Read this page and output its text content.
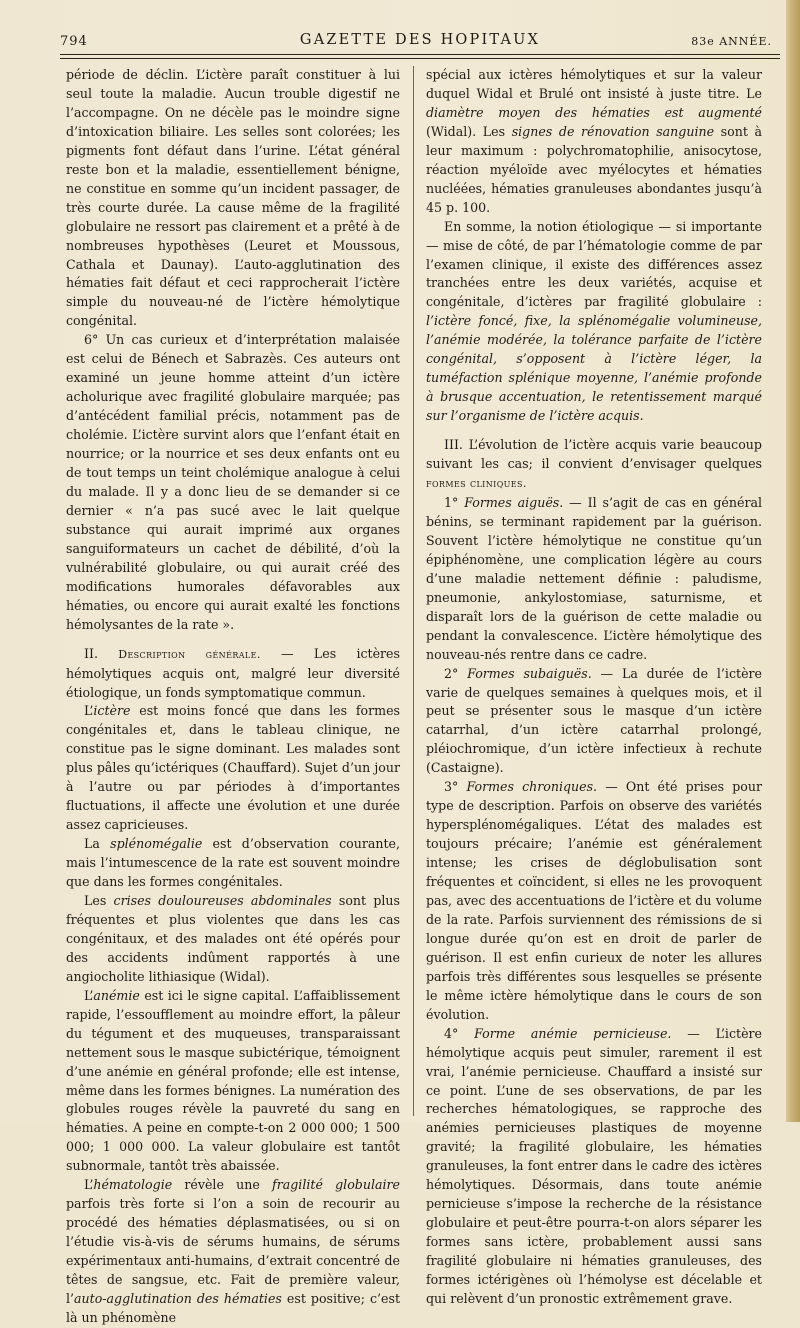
794	GAZETTE DES HOPITAUX	83e ANNÉE.

période de déclin. L’ictère paraît constituer à lui seul toute la maladie. Aucun trouble digestif ne l’accompagne. On ne décèle pas le moindre signe d’intoxication biliaire. Les selles sont colorées; les pigments font défaut dans l’urine. L’état général reste bon et la maladie, essentiellement bénigne, ne constitue en somme qu’un incident passager, de très courte durée. La cause même de la fragilité globulaire ne ressort pas clairement et a prêté à de nombreuses hypothèses (Leuret et Moussous, Cathala et Daunay). L’auto-agglutination des hématies fait défaut et ceci rapprocherait l’ictère simple du nouveau-né de l’ictère hémolytique congénital.

6° Un cas curieux et d’interprétation malaisée est celui de Bénech et Sabrazès. Ces auteurs ont examiné un jeune homme atteint d’un ictère acholurique avec fragilité globulaire marquée; pas d’antécédent familial précis, notamment pas de cholémie. L’ictère survint alors que l’enfant était en nourrice; or la nourrice et ses deux enfants ont eu de tout temps un teint cholémique analogue à celui du malade. Il y a donc lieu de se demander si ce dernier « n’a pas sucé avec le lait quelque substance qui aurait imprimé aux organes sanguiformateurs un cachet de débilité, d’où la vulnérabilité globulaire, ou qui aurait créé des modifications humorales défavorables aux hématies, ou encore qui aurait exalté les fonctions hémolysantes de la rate ».

II. Description générale. — Les ictères hémolytiques acquis ont, malgré leur diversité étiologique, un fonds symptomatique commun.

L’ictère est moins foncé que dans les formes congénitales et, dans le tableau clinique, ne constitue pas le signe dominant. Les malades sont plus pâles qu’ictériques (Chauffard). Sujet d’un jour à l’autre ou par périodes à d’importantes fluctuations, il affecte une évolution et une durée assez capricieuses.

La splénomégalie est d’observation courante, mais l’intumescence de la rate est souvent moindre que dans les formes congénitales.

Les crises douloureuses abdominales sont plus fréquentes et plus violentes que dans les cas congénitaux, et des malades ont été opérés pour des accidents indûment rapportés à une angiocholite lithiasique (Widal).

L’anémie est ici le signe capital. L’affaiblissement rapide, l’essoufflement au moindre effort, la pâleur du tégument et des muqueuses, transparaissant nettement sous le masque subictérique, témoignent d’une anémie en général profonde; elle est intense, même dans les formes bénignes. La numération des globules rouges révèle la pauvreté du sang en hématies. A peine en compte-t-on 2 000 000; 1 500 000; 1 000 000. La valeur globulaire est tantôt subnormale, tantôt très abaissée.

L’hématologie révèle une fragilité globulaire parfois très forte si l’on a soin de recourir au procédé des hématies déplasmatisées, ou si on l’étudie vis-à-vis de sérums humains, de sérums expérimentaux anti-humains, d’extrait concentré de têtes de sangsue, etc. Fait de première valeur, l’auto-agglutination des hématies est positive; c’est là un phénomène

spécial aux ictères hémolytiques et sur la valeur duquel Widal et Brulé ont insisté à juste titre. Le diamètre moyen des hématies est augmenté (Widal). Les signes de rénovation sanguine sont à leur maximum : polychromatophilie, anisocytose, réaction myéloïde avec myélocytes et hématies nucléées, hématies granuleuses abondantes jusqu’à 45 p. 100.

En somme, la notion étiologique — si importante — mise de côté, de par l’hématologie comme de par l’examen clinique, il existe des différences assez tranchées entre les deux variétés, acquise et congénitale, d’ictères par fragilité globulaire : l’ictère foncé, fixe, la splénomégalie volumineuse, l’anémie modérée, la tolérance parfaite de l’ictère congénital, s’opposent à l’ictère léger, la tuméfaction splénique moyenne, l’anémie profonde à brusque accentuation, le retentissement marqué sur l’organisme de l’ictère acquis.

III. L’évolution de l’ictère acquis varie beaucoup suivant les cas; il convient d’envisager quelques formes cliniques.

1° Formes aiguës. — Il s’agit de cas en général bénins, se terminant rapidement par la guérison. Souvent l’ictère hémolytique ne constitue qu’un épiphénomène, une complication légère au cours d’une maladie nettement définie : paludisme, pneumonie, ankylostomiase, saturnisme, et disparaît lors de la guérison de cette maladie ou pendant la convalescence. L’ictère hémolytique des nouveau-nés rentre dans ce cadre.

2° Formes subaiguës. — La durée de l’ictère varie de quelques semaines à quelques mois, et il peut se présenter sous le masque d’un ictère catarrhal, d’un ictère catarrhal prolongé, pléiochromique, d’un ictère infectieux à rechute (Castaigne).

3° Formes chroniques. — Ont été prises pour type de description. Parfois on observe des variétés hypersplénomégaliques. L’état des malades est toujours précaire; l’anémie est généralement intense; les crises de déglobulisation sont fréquentes et coïncident, si elles ne les provoquent pas, avec des accentuations de l’ictère et du volume de la rate. Parfois surviennent des rémissions de si longue durée qu’on est en droit de parler de guérison. Il est enfin curieux de noter les allures parfois très différentes sous lesquelles se présente le même ictère hémolytique dans le cours de son évolution.

4° Forme anémie pernicieuse. — L’ictère hémolytique acquis peut simuler, rarement il est vrai, l’anémie pernicieuse. Chauffard a insisté sur ce point. L’une de ses observations, de par les recherches hématologiques, se rapproche des anémies pernicieuses plastiques de moyenne gravité; la fragilité globulaire, les hématies granuleuses, la font entrer dans le cadre des ictères hémolytiques. Désormais, dans toute anémie pernicieuse s’impose la recherche de la résistance globulaire et peut-être pourra-t-on alors séparer les formes sans ictère, probablement aussi sans fragilité globulaire ni hématies granuleuses, des formes ictérigènes où l’hémolyse est décelable et qui relèvent d’un pronostic extrêmement grave.
